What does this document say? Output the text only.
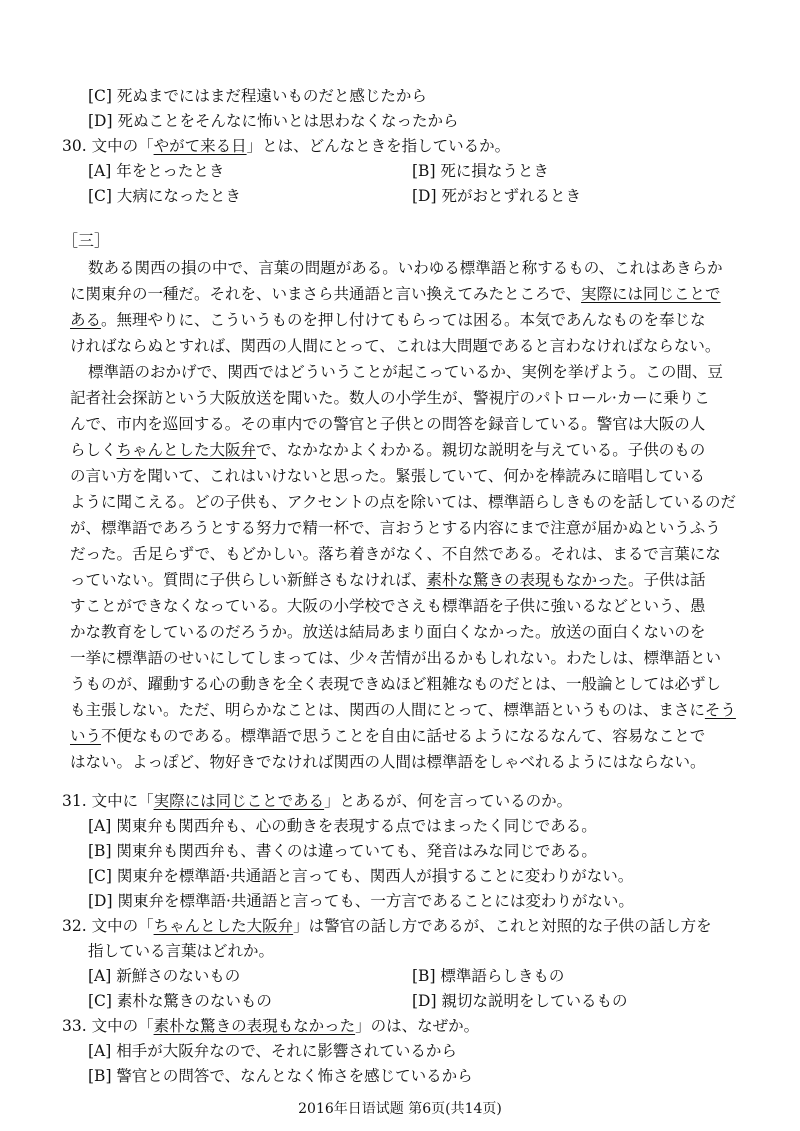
[C] 死ぬまでにはまだ程遠いものだと感じたから
[D] 死ぬことをそんなに怖いとは思わなくなったから
30. 文中の「やがて来る日」とは、どんなときを指しているか。
[A] 年をとったとき	[B] 死に損なうとき
[C] 大病になったとき	[D] 死がおとずれるとき
［三］
数ある関西の損の中で、言葉の問題がある。いわゆる標準語と称するもの、これはあきらか
に関東弁の一種だ。それを、いまさら共通語と言い換えてみたところで、実際には同じことで
ある。無理やりに、こういうものを押し付けてもらっては困る。本気であんなものを奉じな
ければならぬとすれば、関西の人間にとって、これは大問題であると言わなければならない。
標準語のおかげで、関西ではどういうことが起こっているか、実例を挙げよう。この間、豆
記者社会探訪という大阪放送を聞いた。数人の小学生が、警視庁のパトロール·カーに乗りこ
んで、市内を巡回する。その車内での警官と子供との問答を録音している。警官は大阪の人
らしくちゃんとした大阪弁で、なかなかよくわかる。親切な説明を与えている。子供のもの
の言い方を聞いて、これはいけないと思った。緊張していて、何かを棒読みに暗唱している
ように聞こえる。どの子供も、アクセントの点を除いては、標準語らしきものを話しているのだ
が、標準語であろうとする努力で精一杯で、言おうとする内容にまで注意が届かぬというふう
だった。舌足らずで、もどかしい。落ち着きがなく、不自然である。それは、まるで言葉にな
っていない。質問に子供らしい新鮮さもなければ、素朴な驚きの表現もなかった。子供は話
すことができなくなっている。大阪の小学校でさえも標準語を子供に強いるなどという、愚
かな教育をしているのだろうか。放送は結局あまり面白くなかった。放送の面白くないのを
一挙に標準語のせいにしてしまっては、少々苦情が出るかもしれない。わたしは、標準語とい
うものが、躍動する心の動きを全く表現できぬほど粗雑なものだとは、一般論としては必ずし
も主張しない。ただ、明らかなことは、関西の人間にとって、標準語というものは、まさにそう
いう不便なものである。標準語で思うことを自由に話せるようになるなんて、容易なことで
はない。よっぽど、物好きでなければ関西の人間は標準語をしゃべれるようにはならない。
31. 文中に「実際には同じことである」とあるが、何を言っているのか。
[A] 関東弁も関西弁も、心の動きを表現する点ではまったく同じである。
[B] 関東弁も関西弁も、書くのは違っていても、発音はみな同じである。
[C] 関東弁を標準語·共通語と言っても、関西人が損することに変わりがない。
[D] 関東弁を標準語·共通語と言っても、一方言であることには変わりがない。
32. 文中の「ちゃんとした大阪弁」は警官の話し方であるが、これと対照的な子供の話し方を
指している言葉はどれか。
[A] 新鮮さのないもの	[B] 標準語らしきもの
[C] 素朴な驚きのないもの	[D] 親切な説明をしているもの
33. 文中の「素朴な驚きの表現もなかった」のは、なぜか。
[A] 相手が大阪弁なので、それに影響されているから
[B] 警官との問答で、なんとなく怖さを感じているから
2016年日语试题 第6页(共14页)
